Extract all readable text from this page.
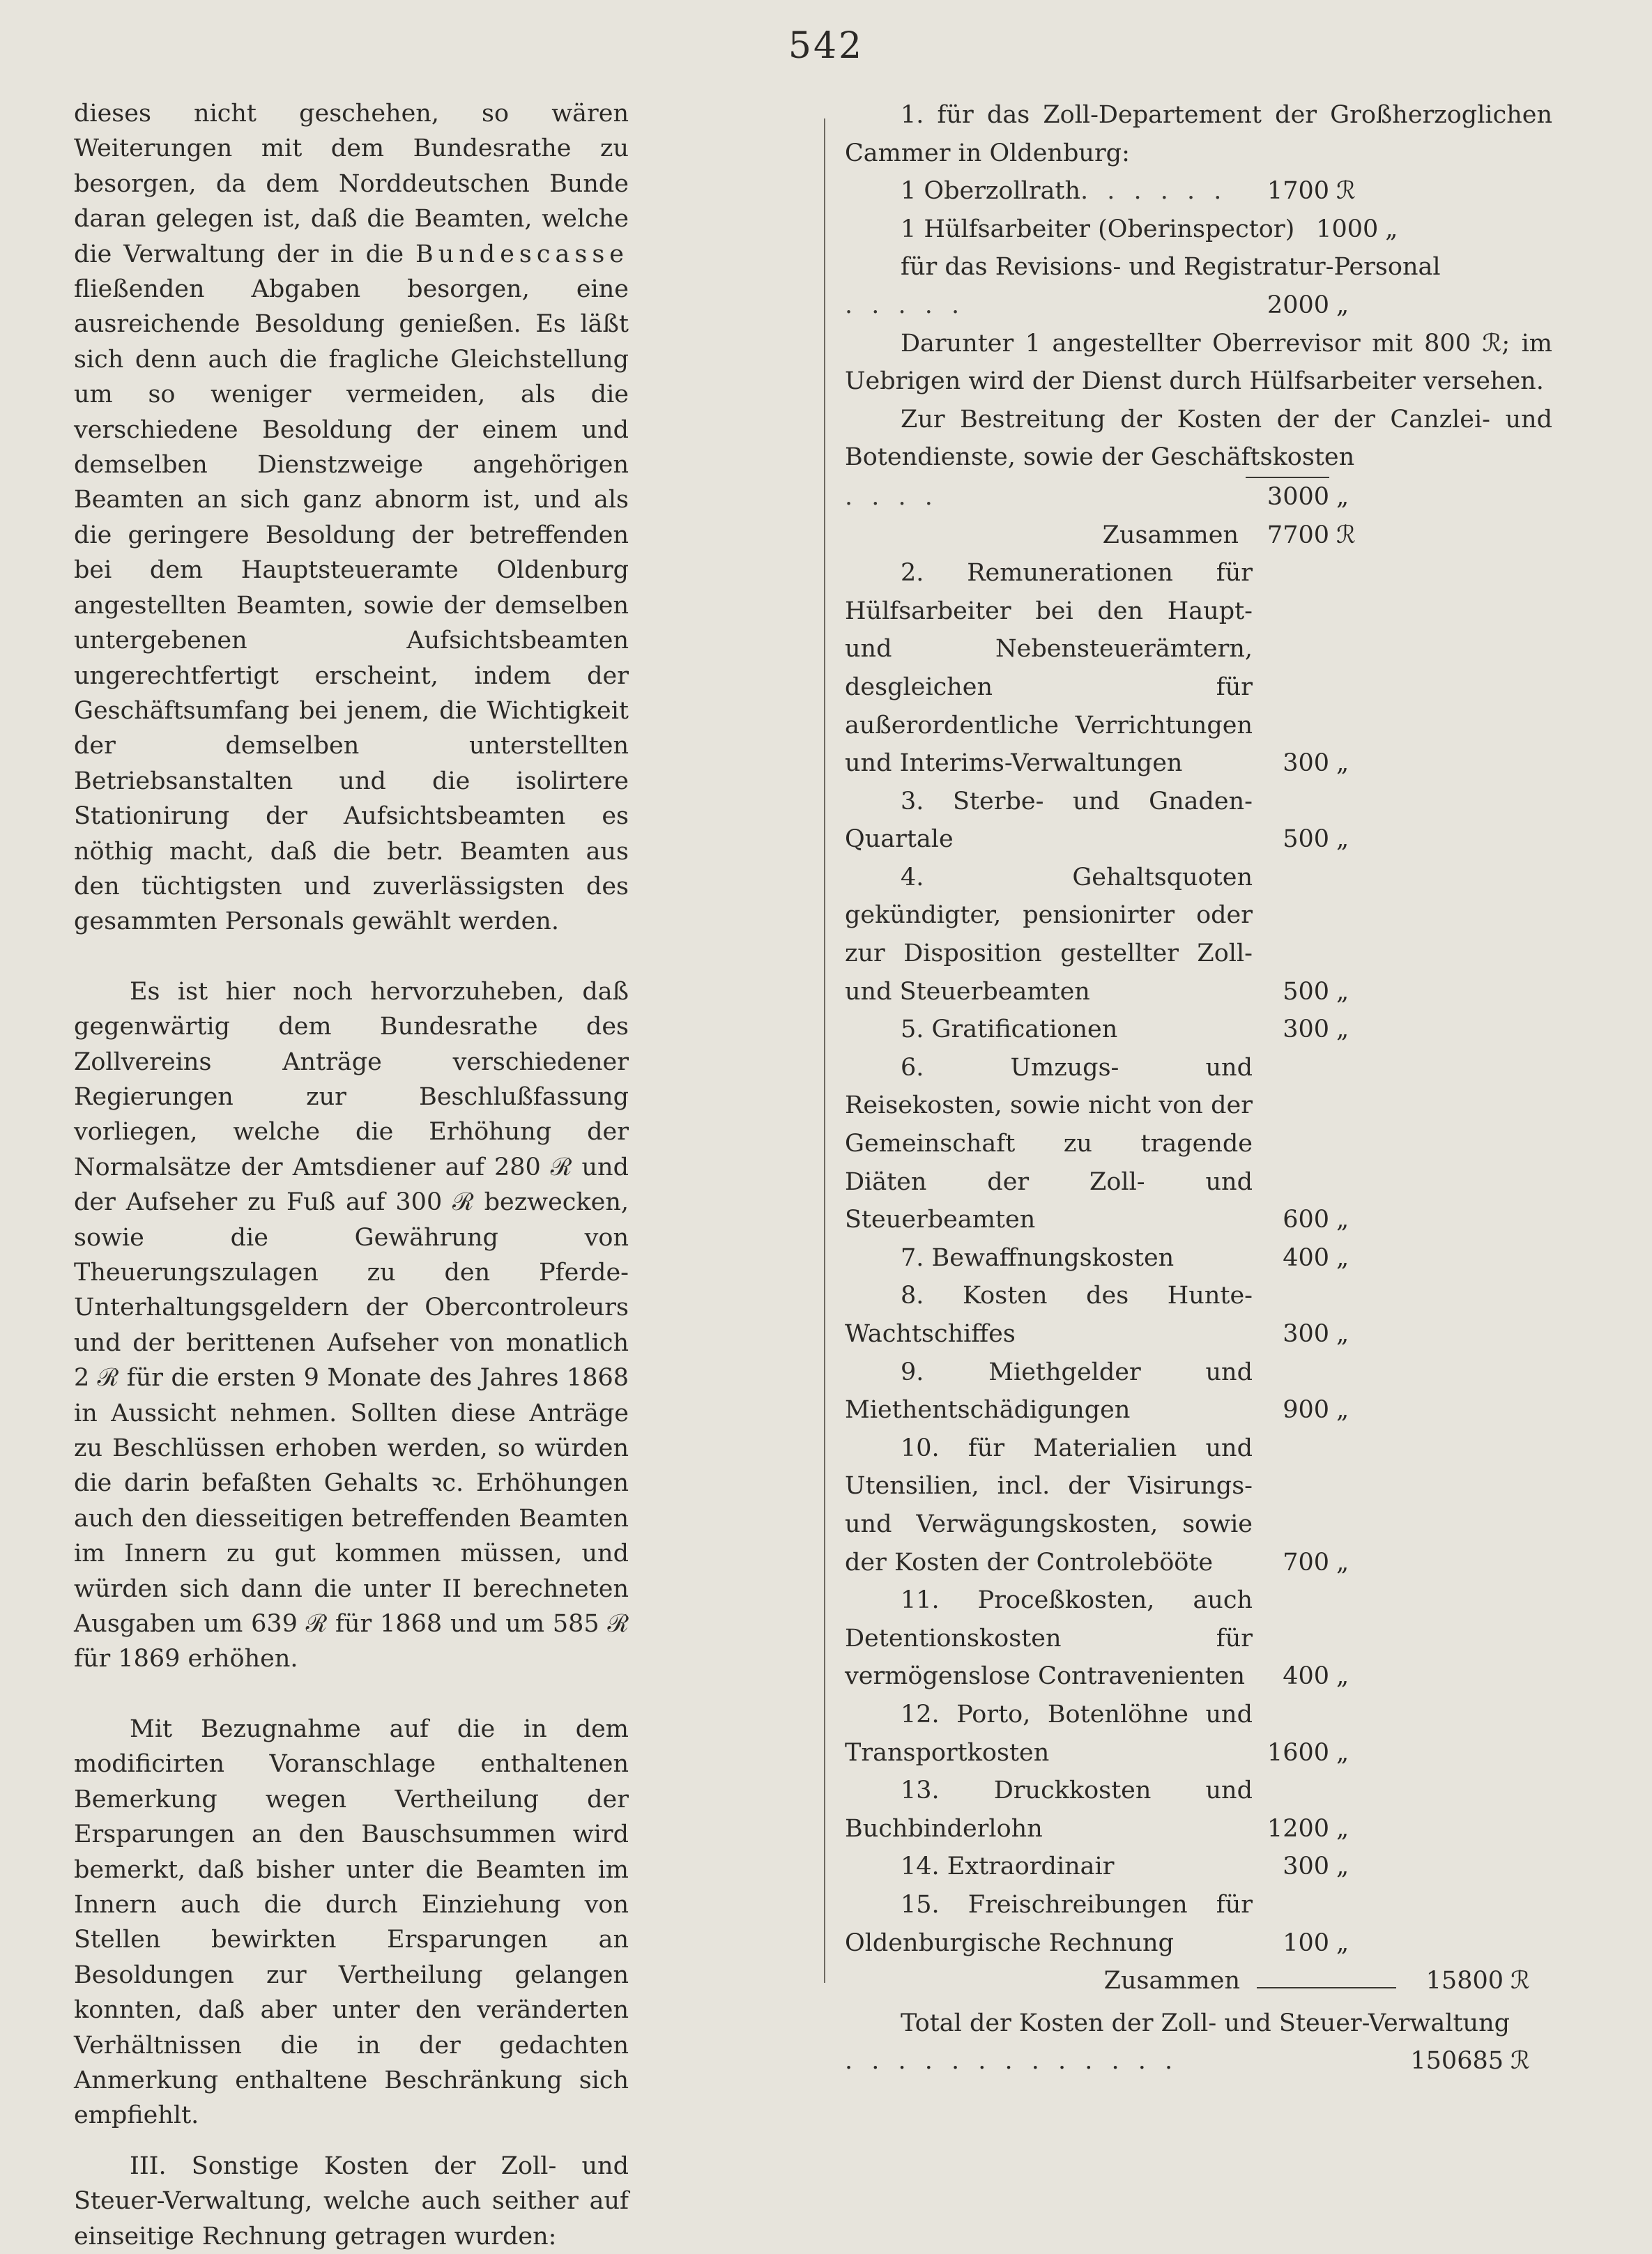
542

dieses nicht geschehen, so wären Weiterungen mit dem Bundesrathe zu besorgen, da dem Norddeutschen Bunde daran gelegen ist, daß die Beamten, welche die Verwaltung der in die Bundescasse fließenden Abgaben besorgen, eine ausreichende Besoldung genießen. Es läßt sich denn auch die fragliche Gleichstellung um so weniger vermeiden, als die verschiedene Besoldung der einem und demselben Dienstzweige angehörigen Beamten an sich ganz abnorm ist, und als die geringere Besoldung der betreffenden bei dem Hauptsteueramte Oldenburg angestellten Beamten, sowie der demselben untergebenen Aufsichtsbeamten ungerechtfertigt erscheint, indem der Geschäftsumfang bei jenem, die Wichtigkeit der demselben unterstellten Betriebsanstalten und die isolirtere Stationirung der Aufsichtsbeamten es nöthig macht, daß die betr. Beamten aus den tüchtigsten und zuverlässigsten des gesammten Personals gewählt werden.

Es ist hier noch hervorzuheben, daß gegenwärtig dem Bundesrathe des Zollvereins Anträge verschiedener Regierungen zur Beschlußfassung vorliegen, welche die Erhöhung der Normalsätze der Amtsdiener auf 280 ℛ und der Aufseher zu Fuß auf 300 ℛ bezwecken, sowie die Gewährung von Theuerungszulagen zu den Pferde-Unterhaltungsgeldern der Obercontroleurs und der berittenen Aufseher von monatlich 2 ℛ für die ersten 9 Monate des Jahres 1868 in Aussicht nehmen. Sollten diese Anträge zu Beschlüssen erhoben werden, so würden die darin befaßten Gehalts ꝛc. Erhöhungen auch den diesseitigen betreffenden Beamten im Innern zu gut kommen müssen, und würden sich dann die unter II berechneten Ausgaben um 639 ℛ für 1868 und um 585 ℛ für 1869 erhöhen.

Mit Bezugnahme auf die in dem modificirten Voranschlage enthaltenen Bemerkung wegen Vertheilung der Ersparungen an den Bauschsummen wird bemerkt, daß bisher unter die Beamten im Innern auch die durch Einziehung von Stellen bewirkten Ersparungen an Besoldungen zur Vertheilung gelangen konnten, daß aber unter den veränderten Verhältnissen die in der gedachten Anmerkung enthaltene Beschränkung sich empfiehlt.

III. Sonstige Kosten der Zoll- und Steuer-Verwaltung, welche auch seither auf einseitige Rechnung getragen wurden:

1. für das Zoll-Departement der Großherzoglichen Cammer in Oldenburg:

1 Oberzollrath . . . . . .	1700 ℛ
1 Hülfsarbeiter (Oberinspector) 1000 „

für das Revisions- und Registratur-Personal

. . . . .	2000 „

Darunter 1 angestellter Oberrevisor mit 800 ℛ; im Uebrigen wird der Dienst durch Hülfsarbeiter versehen.

Zur Bestreitung der Kosten der der Canzlei- und Botendienste, sowie der Geschäftskosten

. . . .	3000 „
Zusammen	7700 ℛ

2. Remunerationen für Hülfsarbeiter bei den Haupt- und Nebensteuerämtern, desgleichen für außerordentliche Verrichtungen und Interims-Verwaltungen	300 „

3. Sterbe- und Gnaden-Quartale	500 „

4. Gehaltsquoten gekündigter, pensionirter oder zur Disposition gestellter Zoll- und Steuerbeamten	500 „

5. Gratificationen	300 „

6. Umzugs- und Reisekosten, sowie nicht von der Gemeinschaft zu tragende Diäten der Zoll- und Steuerbeamten	600 „

7. Bewaffnungskosten	400 „

8. Kosten des Hunte-Wachtschiffes	300 „

9. Miethgelder und Miethentschädigungen	900 „

10. für Materialien und Utensilien, incl. der Visirungs- und Verwägungskosten, sowie der Kosten der Controlebööte	700 „

11. Proceßkosten, auch Detentionskosten für vermögenslose Contravenienten	400 „

12. Porto, Botenlöhne und Transportkosten	1600 „

13. Druckkosten und Buchbinderlohn	1200 „

14. Extraordinair	300 „

15. Freischreibungen für Oldenburgische Rechnung	100 „
Zusammen	15800 ℛ

Total der Kosten der Zoll- und Steuer-Verwaltung

. . . . . . . . . . . . .	150685 ℛ
